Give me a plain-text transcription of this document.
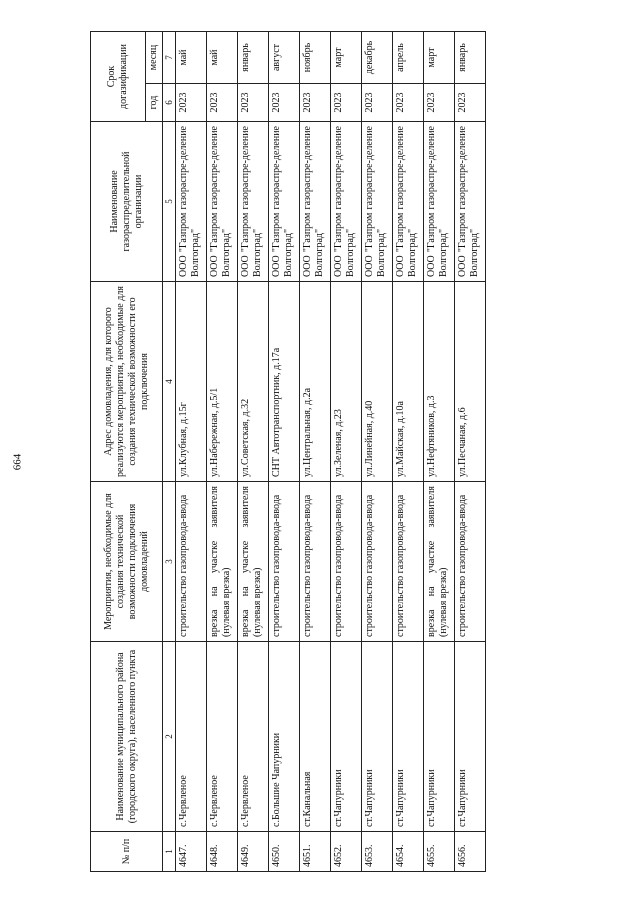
664
№ п/п	Наименование муниципального района (городского округа), населенного пункта	Мероприятия, необходимые для создания технической возможности подключения домовладений	Адрес домовладения, для которого реализуются мероприятия, необходимые для создания технической возможности его подключения	Наименование газораспределительной организации	Срок догазификации	
					год	месяц
1	2	3	4	5	6	7
4647.	с.Червленое	строительство газопровода-ввода	ул.Клубная, д.15г	ООО "Газпром газораспре-деление Волгоград"	2023	май
4648.	с.Червленое	врезка на участке заявителя (нулевая врезка)	ул.Набережная, д.5/1	ООО "Газпром газораспре-деление Волгоград"	2023	май
4649.	с.Червленое	врезка на участке заявителя (нулевая врезка)	ул.Советская, д.32	ООО "Газпром газораспре-деление Волгоград"	2023	январь
4650.	с.Большие Чапурники	строительство газопровода-ввода	СНТ Автотранспортник, д.17а	ООО "Газпром газораспре-деление Волгоград"	2023	август
4651.	ст.Канальная	строительство газопровода-ввода	ул.Центральная, д.2а	ООО "Газпром газораспре-деление Волгоград"	2023	ноябрь
4652.	ст.Чапурники	строительство газопровода-ввода	ул.Зеленая, д.23	ООО "Газпром газораспре-деление Волгоград"	2023	март
4653.	ст.Чапурники	строительство газопровода-ввода	ул.Линейная, д.40	ООО "Газпром газораспре-деление Волгоград"	2023	декабрь
4654.	ст.Чапурники	строительство газопровода-ввода	ул.Майская, д.10а	ООО "Газпром газораспре-деление Волгоград"	2023	апрель
4655.	ст.Чапурники	врезка на участке заявителя (нулевая врезка)	ул.Нефтяников, д.3	ООО "Газпром газораспре-деление Волгоград"	2023	март
4656.	ст.Чапурники	строительство газопровода-ввода	ул.Песчаная, д.6	ООО "Газпром газораспре-деление Волгоград"	2023	январь
